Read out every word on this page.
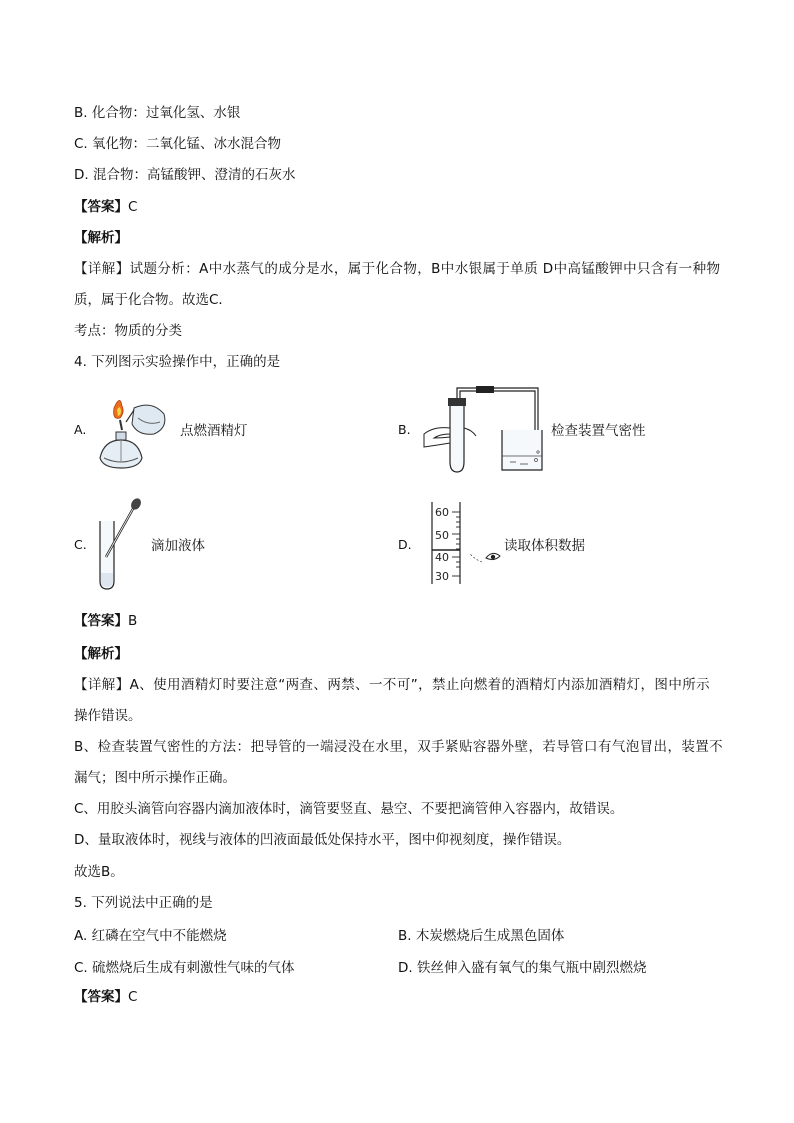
B. 化合物：过氧化氢、水银
C. 氧化物：二氧化锰、冰水混合物
D. 混合物：高锰酸钾、澄清的石灰水
【答案】C
【解析】
【详解】试题分析：A中水蒸气的成分是水，属于化合物，B中水银属于单质 D中高锰酸钾中只含有一种物
质，属于化合物。故选C．
考点：物质的分类
4. 下列图示实验操作中，正确的是
A.	点燃酒精灯	B.	检查装置气密性
C.	滴加液体	D.
60
50
40
30
读取体积数据
【答案】B
【解析】
【详解】A、使用酒精灯时要注意“两查、两禁、一不可”，禁止向燃着的酒精灯内添加酒精灯，图中所示
操作错误。
B、检查装置气密性的方法：把导管的一端浸没在水里，双手紧贴容器外壁，若导管口有气泡冒出，装置不
漏气；图中所示操作正确。
C、用胶头滴管向容器内滴加液体时，滴管要竖直、悬空、不要把滴管伸入容器内，故错误。
D、量取液体时，视线与液体的凹液面最低处保持水平，图中仰视刻度，操作错误。
故选B。
5. 下列说法中正确的是
A. 红磷在空气中不能燃烧	B. 木炭燃烧后生成黑色固体
C. 硫燃烧后生成有刺激性气味的气体	D. 铁丝伸入盛有氧气的集气瓶中剧烈燃烧
【答案】C
